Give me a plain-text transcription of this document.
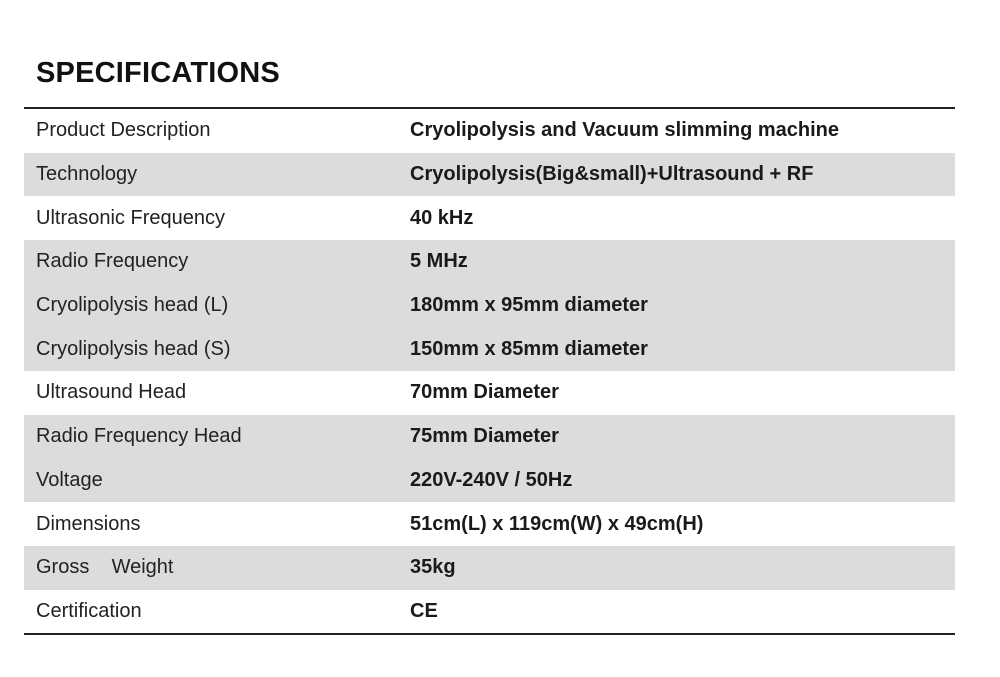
SPECIFICATIONS
Product Description	Cryolipolysis and Vacuum slimming machine
Technology	Cryolipolysis(Big&small)+Ultrasound + RF
Ultrasonic Frequency	40 kHz
Radio Frequency	5 MHz
Cryolipolysis head (L)	180mm x 95mm diameter
Cryolipolysis head (S)	150mm x 85mm diameter
Ultrasound Head	70mm Diameter
Radio Frequency Head	75mm Diameter
Voltage	220V-240V / 50Hz
Dimensions	51cm(L) x 119cm(W) x 49cm(H)
Gross    Weight	35kg
Certification	CE
